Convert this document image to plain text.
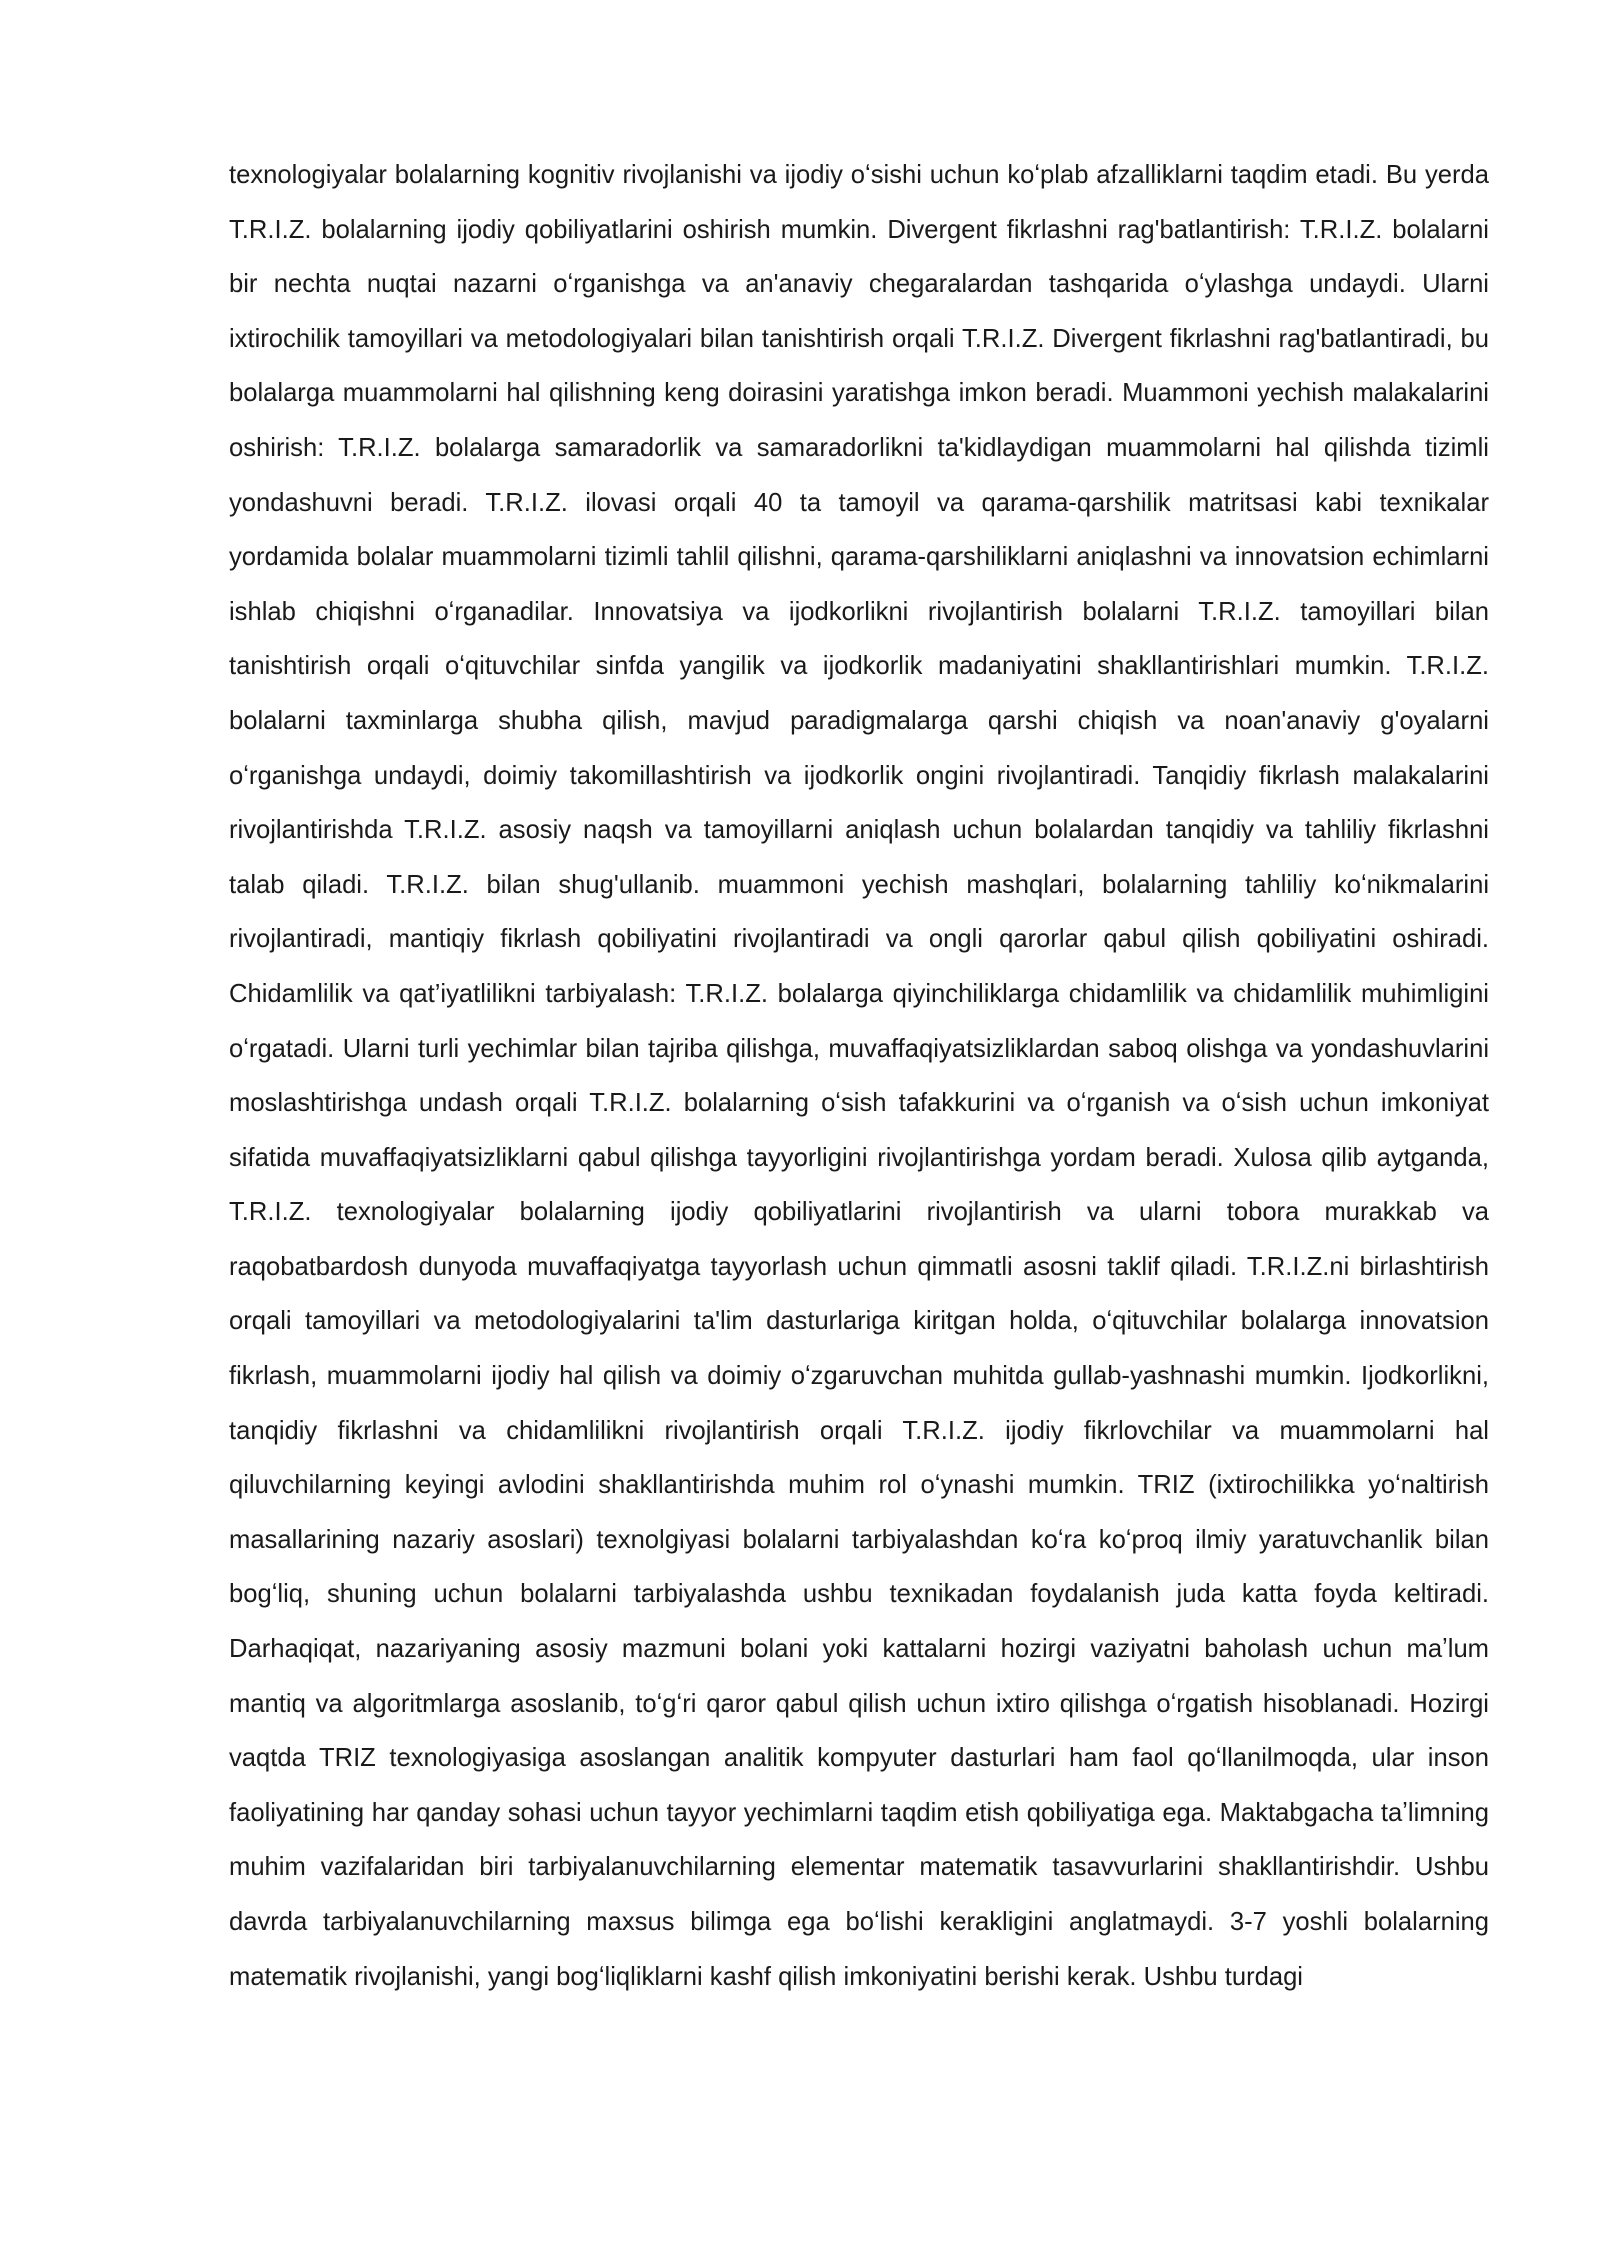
texnologiyalar bolalarning kognitiv rivojlanishi va ijodiy oʻsishi uchun koʻplab afzalliklarni taqdim etadi. Bu yerda T.R.I.Z. bolalarning ijodiy qobiliyatlarini oshirish mumkin. Divergent fikrlashni rag'batlantirish: T.R.I.Z. bolalarni bir nechta nuqtai nazarni oʻrganishga va an'anaviy chegaralardan tashqarida oʻylashga undaydi. Ularni ixtirochilik tamoyillari va metodologiyalari bilan tanishtirish orqali T.R.I.Z. Divergent fikrlashni rag'batlantiradi, bu bolalarga muammolarni hal qilishning keng doirasini yaratishga imkon beradi. Muammoni yechish malakalarini oshirish: T.R.I.Z. bolalarga samaradorlik va samaradorlikni ta'kidlaydigan muammolarni hal qilishda tizimli yondashuvni beradi. T.R.I.Z. ilovasi orqali 40 ta tamoyil va qarama-qarshilik matritsasi kabi texnikalar yordamida bolalar muammolarni tizimli tahlil qilishni, qarama-qarshiliklarni aniqlashni va innovatsion echimlarni ishlab chiqishni oʻrganadilar. Innovatsiya va ijodkorlikni rivojlantirish bolalarni T.R.I.Z. tamoyillari bilan tanishtirish orqali oʻqituvchilar sinfda yangilik va ijodkorlik madaniyatini shakllantirishlari mumkin. T.R.I.Z. bolalarni taxminlarga shubha qilish, mavjud paradigmalarga qarshi chiqish va noan'anaviy g'oyalarni oʻrganishga undaydi, doimiy takomillashtirish va ijodkorlik ongini rivojlantiradi. Tanqidiy fikrlash malakalarini rivojlantirishda T.R.I.Z. asosiy naqsh va tamoyillarni aniqlash uchun bolalardan tanqidiy va tahliliy fikrlashni talab qiladi. T.R.I.Z. bilan shug'ullanib. muammoni yechish mashqlari, bolalarning tahliliy koʻnikmalarini rivojlantiradi, mantiqiy fikrlash qobiliyatini rivojlantiradi va ongli qarorlar qabul qilish qobiliyatini oshiradi. Chidamlilik va qat’iyatlilikni tarbiyalash: T.R.I.Z. bolalarga qiyinchiliklarga chidamlilik va chidamlilik muhimligini oʻrgatadi. Ularni turli yechimlar bilan tajriba qilishga, muvaffaqiyatsizliklardan saboq olishga va yondashuvlarini moslashtirishga undash orqali T.R.I.Z. bolalarning oʻsish tafakkurini va oʻrganish va oʻsish uchun imkoniyat sifatida muvaffaqiyatsizliklarni qabul qilishga tayyorligini rivojlantirishga yordam beradi. Xulosa qilib aytganda, T.R.I.Z. texnologiyalar bolalarning ijodiy qobiliyatlarini rivojlantirish va ularni tobora murakkab va raqobatbardosh dunyoda muvaffaqiyatga tayyorlash uchun qimmatli asosni taklif qiladi. T.R.I.Z.ni birlashtirish orqali tamoyillari va metodologiyalarini ta'lim dasturlariga kiritgan holda, oʻqituvchilar bolalarga innovatsion fikrlash, muammolarni ijodiy hal qilish va doimiy oʻzgaruvchan muhitda gullab-yashnashi mumkin. Ijodkorlikni, tanqidiy fikrlashni va chidamlilikni rivojlantirish orqali T.R.I.Z. ijodiy fikrlovchilar va muammolarni hal qiluvchilarning keyingi avlodini shakllantirishda muhim rol oʻynashi mumkin. TRIZ (ixtirochilikka yoʻnaltirish masallarining nazariy asoslari) texnolgiyasi bolalarni tarbiyalashdan koʻra koʻproq ilmiy yaratuvchanlik bilan bogʻliq, shuning uchun bolalarni tarbiyalashda ushbu texnikadan foydalanish juda katta foyda keltiradi. Darhaqiqat, nazariyaning asosiy mazmuni bolani yoki kattalarni hozirgi vaziyatni baholash uchun maʼlum mantiq va algoritmlarga asoslanib, toʻgʻri qaror qabul qilish uchun ixtiro qilishga oʻrgatish hisoblanadi. Hozirgi vaqtda TRIZ texnologiyasiga asoslangan analitik kompyuter dasturlari ham faol qoʻllanilmoqda, ular inson faoliyatining har qanday sohasi uchun tayyor yechimlarni taqdim etish qobiliyatiga ega. Maktabgacha taʼlimning muhim vazifalaridan biri tarbiyalanuvchilarning elementar matematik tasavvurlarini shakllantirishdir. Ushbu davrda tarbiyalanuvchilarning maxsus bilimga ega boʻlishi kerakligini anglatmaydi. 3-7 yoshli bolalarning matematik rivojlanishi, yangi bogʻliqliklarni kashf qilish imkoniyatini berishi kerak. Ushbu turdagi
